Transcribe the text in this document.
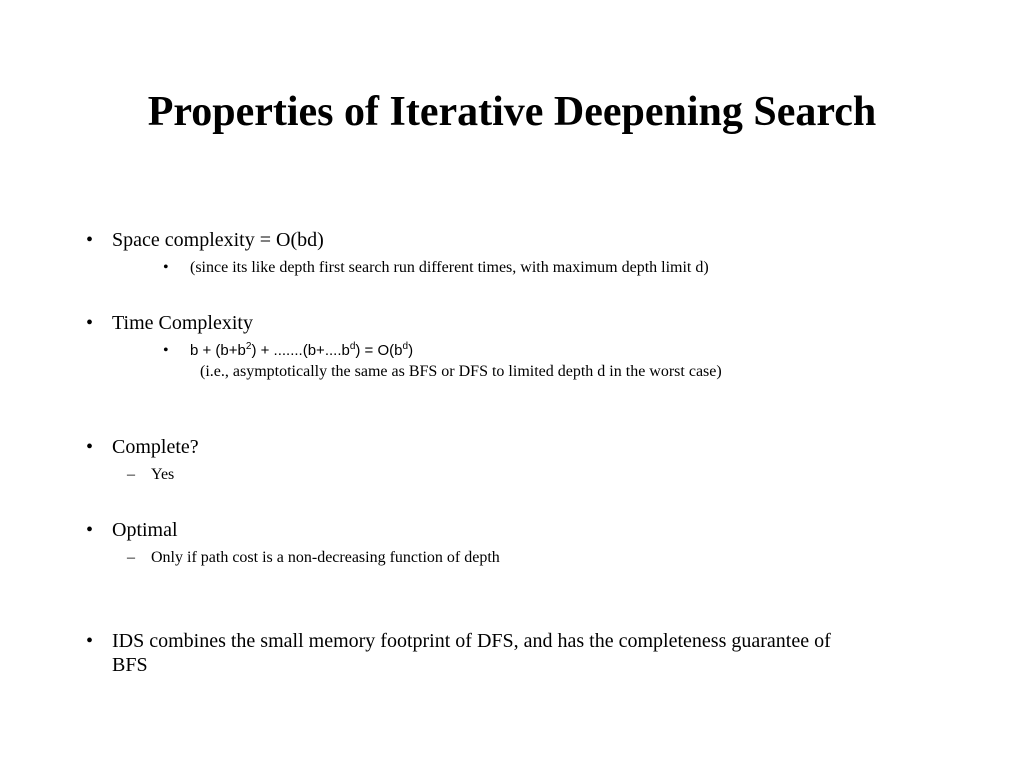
Properties of Iterative Deepening Search
• Space complexity = O(bd)
• (since its like depth first search run different times, with maximum depth limit d)
• Time Complexity
• $b + (b+b^2) + .......(b+....b^d) = O(b^d)$
(i.e., asymptotically the same as BFS or DFS to limited depth d in the worst case)
• Complete?
– Yes
• Optimal
– Only if path cost is a non-decreasing function of depth
• IDS combines the small memory footprint of DFS, and has the completeness guarantee of
BFS
